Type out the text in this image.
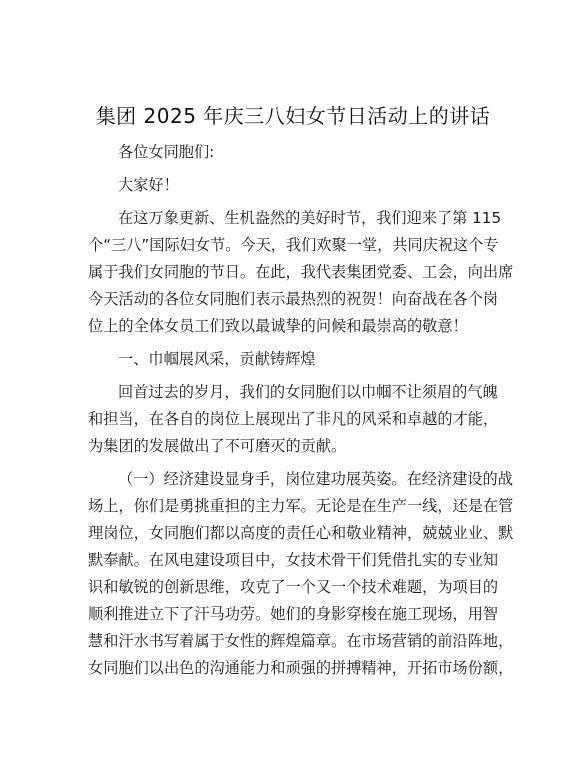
集团 2025 年庆三八妇女节日活动上的讲话
各位女同胞们:
大家好！
在这万象更新、生机盎然的美好时节，我们迎来了第 115
个“三八”国际妇女节。今天，我们欢聚一堂，共同庆祝这个专
属于我们女同胞的节日。在此，我代表集团党委、工会，向出席
今天活动的各位女同胞们表示最热烈的祝贺！向奋战在各个岗
位上的全体女员工们致以最诚挚的问候和最崇高的敬意！
一、巾帼展风采，贡献铸辉煌
回首过去的岁月，我们的女同胞们以巾帼不让须眉的气魄
和担当，在各自的岗位上展现出了非凡的风采和卓越的才能，
为集团的发展做出了不可磨灭的贡献。
（一）经济建设显身手，岗位建功展英姿。在经济建设的战
场上，你们是勇挑重担的主力军。无论是在生产一线，还是在管
理岗位，女同胞们都以高度的责任心和敬业精神，兢兢业业、默
默奉献。在风电建设项目中，女技术骨干们凭借扎实的专业知
识和敏锐的创新思维，攻克了一个又一个技术难题，为项目的
顺利推进立下了汗马功劳。她们的身影穿梭在施工现场，用智
慧和汗水书写着属于女性的辉煌篇章。在市场营销的前沿阵地，
女同胞们以出色的沟通能力和顽强的拼搏精神，开拓市场份额，
